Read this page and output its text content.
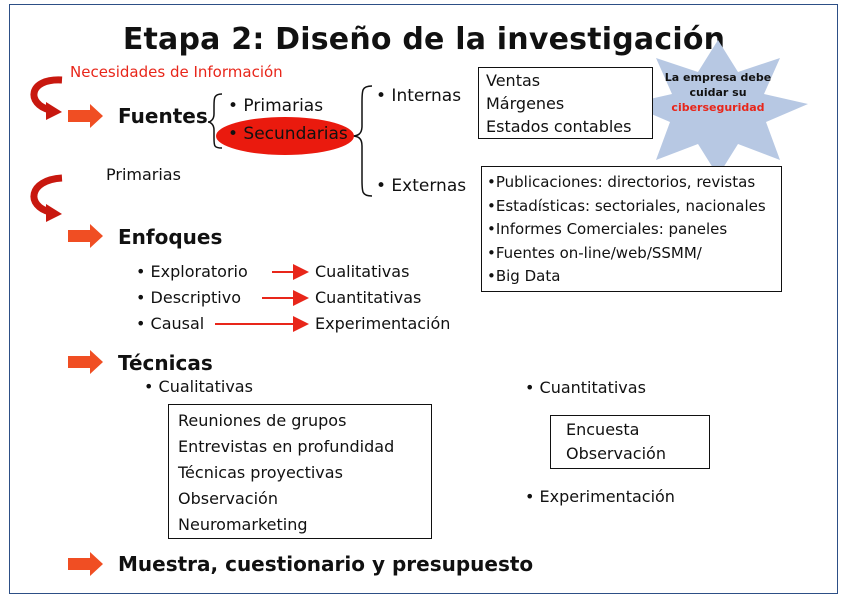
Etapa 2: Diseño de la investigación
Necesidades de Información
Fuentes • Primarias
• Secundarias
• Internas
• Externas
Ventas
Márgenes
Estados contables
•Publicaciones: directorios, revistas
•Estadísticas: sectoriales, nacionales
•Informes Comerciales: paneles
•Fuentes on-line/web/SSMM/
•Big Data
La empresa debe
cuidar su
ciberseguridad
Primarias
Enfoques
• Exploratorio	Cualitativas
• Descriptivo	Cuantitativas
• Causal	Experimentación
Técnicas
• Cualitativas
Reuniones de grupos
Entrevistas en profundidad
Técnicas proyectivas
Observación
Neuromarketing
• Cuantitativas
Encuesta
Observación
• Experimentación
Muestra, cuestionario y presupuesto
